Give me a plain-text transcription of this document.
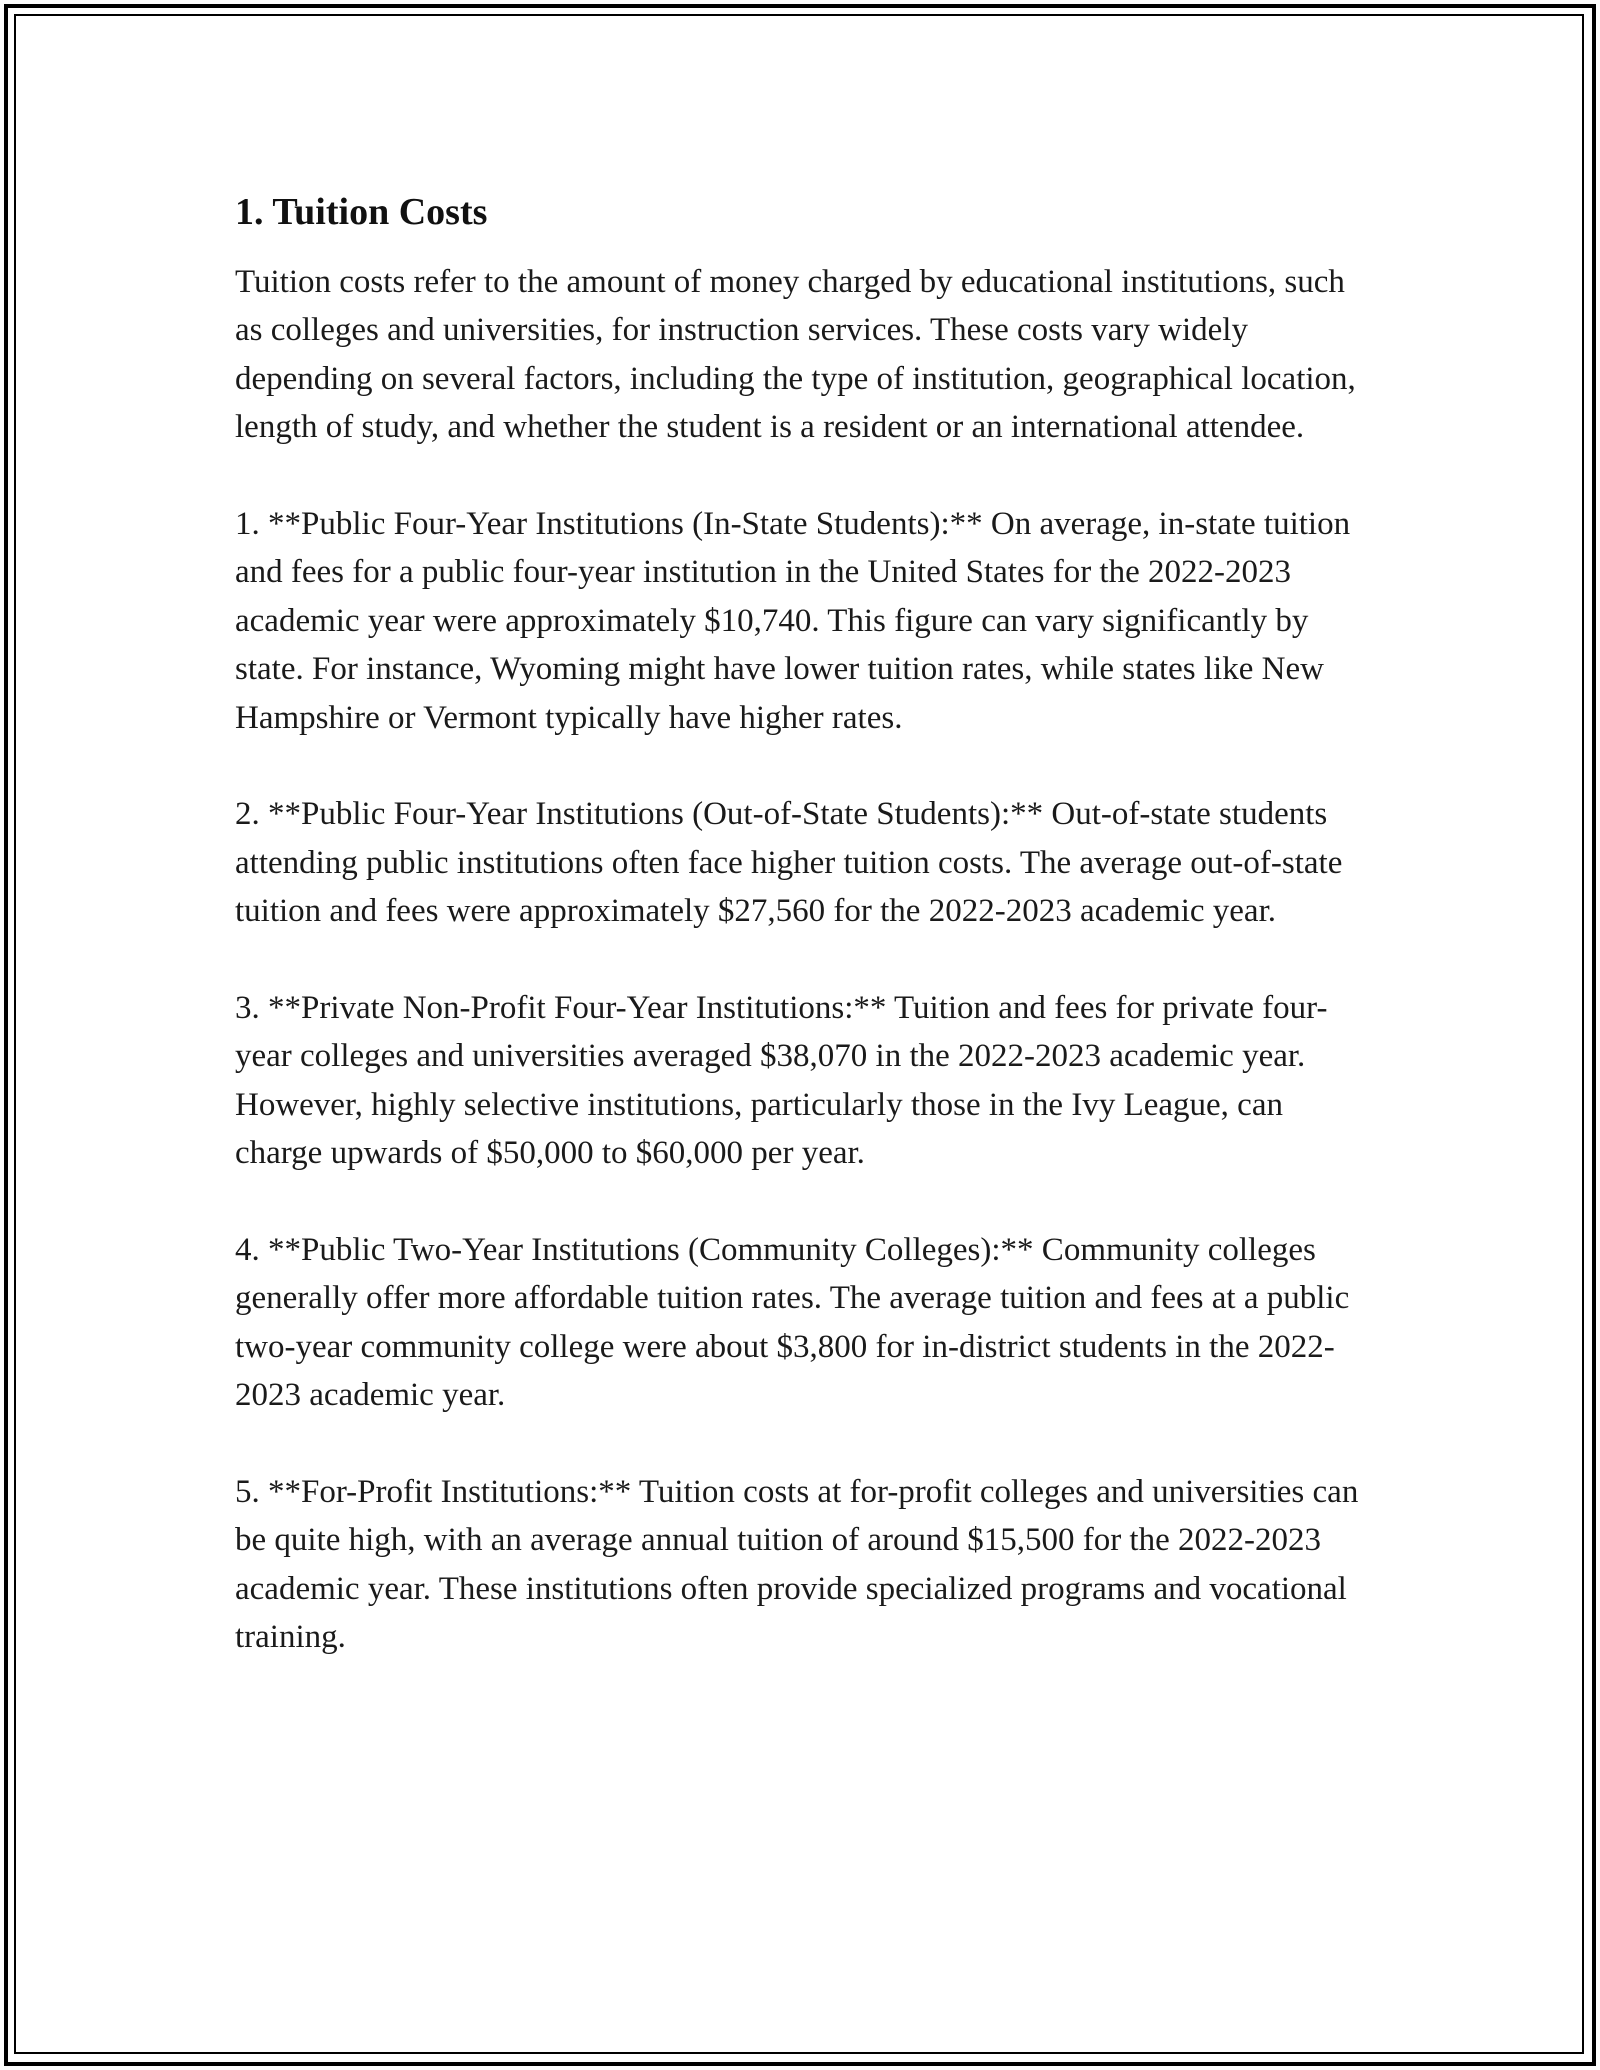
1. Tuition Costs

Tuition costs refer to the amount of money charged by educational institutions, such as colleges and universities, for instruction services. These costs vary widely depending on several factors, including the type of institution, geographical location, length of study, and whether the student is a resident or an international attendee.

1. **Public Four-Year Institutions (In-State Students):** On average, in-state tuition and fees for a public four-year institution in the United States for the 2022-2023 academic year were approximately $10,740. This figure can vary significantly by state. For instance, Wyoming might have lower tuition rates, while states like New Hampshire or Vermont typically have higher rates.

2. **Public Four-Year Institutions (Out-of-State Students):** Out-of-state students attending public institutions often face higher tuition costs. The average out-of-state tuition and fees were approximately $27,560 for the 2022-2023 academic year.

3. **Private Non-Profit Four-Year Institutions:** Tuition and fees for private four-year colleges and universities averaged $38,070 in the 2022-2023 academic year. However, highly selective institutions, particularly those in the Ivy League, can charge upwards of $50,000 to $60,000 per year.

4. **Public Two-Year Institutions (Community Colleges):** Community colleges generally offer more affordable tuition rates. The average tuition and fees at a public two-year community college were about $3,800 for in-district students in the 2022-2023 academic year.

5. **For-Profit Institutions:** Tuition costs at for-profit colleges and universities can be quite high, with an average annual tuition of around $15,500 for the 2022-2023 academic year. These institutions often provide specialized programs and vocational training.
